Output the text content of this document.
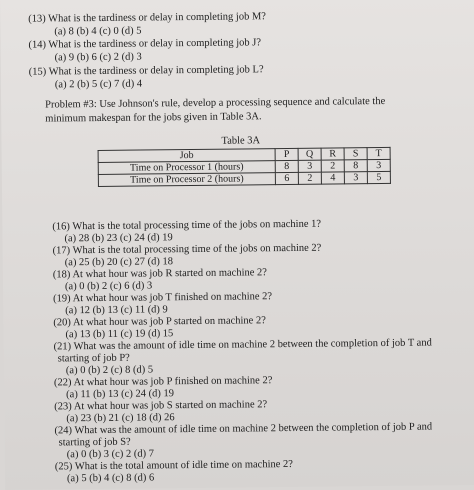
(13) What is the tardiness or delay in completing job M?
(a) 8 (b) 4 (c) 0 (d) 5
(14) What is the tardiness or delay in completing job J?
(a) 9 (b) 6 (c) 2 (d) 3
(15) What is the tardiness or delay in completing job L?
(a) 2 (b) 5 (c) 7 (d) 4
Problem #3: Use Johnson's rule, develop a processing sequence and calculate the
minimum makespan for the jobs given in Table 3A.
Table 3A
Job	P	Q	R	S	T
Time on Processor 1 (hours)	8	3	2	8	3
Time on Processor 2 (hours)	6	2	4	3	5
(16) What is the total processing time of the jobs on machine 1?
(a) 28 (b) 23 (c) 24 (d) 19
(17) What is the total processing time of the jobs on machine 2?
(a) 25 (b) 20 (c) 27 (d) 18
(18) At what hour was job R started on machine 2?
(a) 0 (b) 2 (c) 6 (d) 3
(19) At what hour was job T finished on machine 2?
(a) 12 (b) 13 (c) 11 (d) 9
(20) At what hour was job P started on machine 2?
(a) 13 (b) 11 (c) 19 (d) 15
(21) What was the amount of idle time on machine 2 between the completion of job T and
starting of job P?
(a) 0 (b) 2 (c) 8 (d) 5
(22) At what hour was job P finished on machine 2?
(a) 11 (b) 13 (c) 24 (d) 19
(23) At what hour was job S started on machine 2?
(a) 23 (b) 21 (c) 18 (d) 26
(24) What was the amount of idle time on machine 2 between the completion of job P and
starting of job S?
(a) 0 (b) 3 (c) 2 (d) 7
(25) What is the total amount of idle time on machine 2?
(a) 5 (b) 4 (c) 8 (d) 6
